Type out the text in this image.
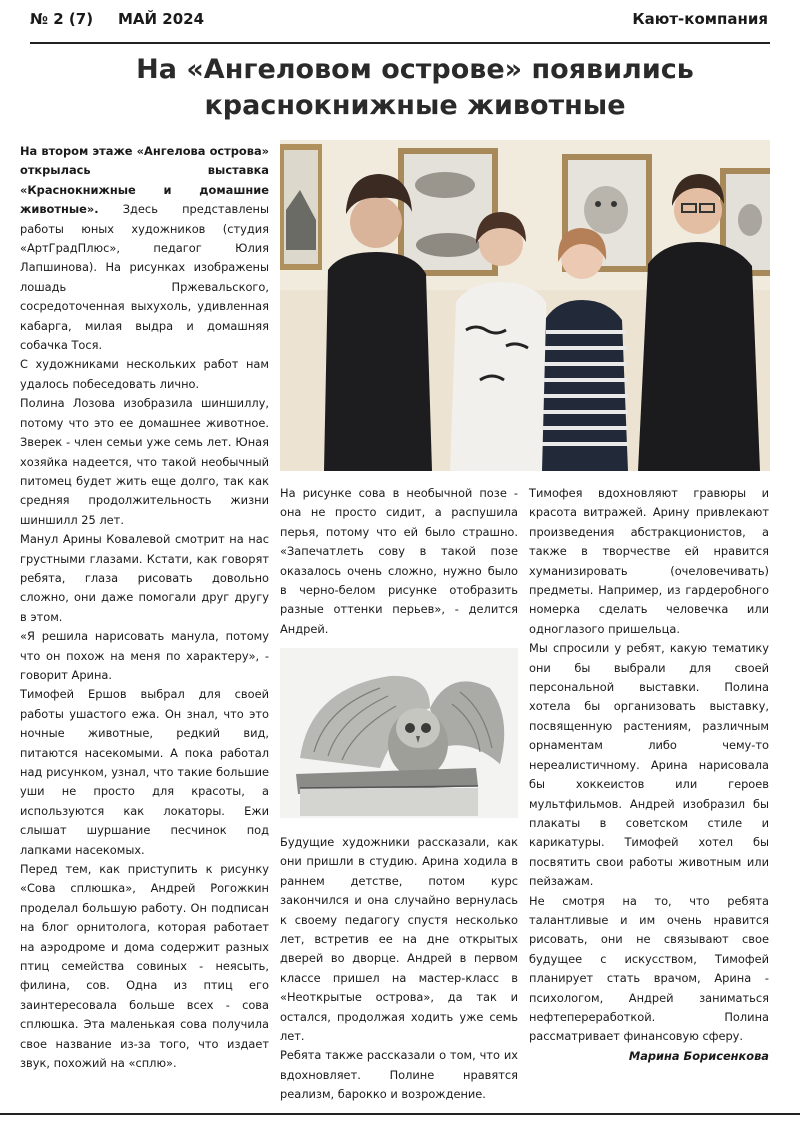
№ 2 (7) МАЙ 2024	Кают-компания
На «Ангеловом острове» появились краснокнижные животные

На втором этаже «Ангелова острова» открылась выставка «Краснокнижные и домашние животные». Здесь представлены работы юных художников (студия «АртГрадПлюс», педагог Юлия Лапшинова). На рисунках изображены лошадь Пржевальского, сосредоточенная выхухоль, удивленная кабарга, милая выдра и домашняя собачка Тося.

С художниками нескольких работ нам удалось побеседовать лично.

Полина Лозова изобразила шиншиллу, потому что это ее домашнее животное. Зверек - член семьи уже семь лет. Юная хозяйка надеется, что такой необычный питомец будет жить еще долго, так как средняя продолжительность жизни шиншилл 25 лет.

Манул Арины Ковалевой смотрит на нас грустными глазами. Кстати, как говорят ребята, глаза рисовать довольно сложно, они даже помогали друг другу в этом.

«Я решила нарисовать манула, потому что он похож на меня по характеру», - говорит Арина.

Тимофей Ершов выбрал для своей работы ушастого ежа. Он знал, что это ночные животные, редкий вид, питаются насекомыми. А пока работал над рисунком, узнал, что такие большие уши не просто для красоты, а используются как локаторы. Ежи слышат шуршание песчинок под лапками насекомых.

Перед тем, как приступить к рисунку «Сова сплюшка», Андрей Рогожкин проделал большую работу. Он подписан на блог орнитолога, которая работает на аэродроме и дома содержит разных птиц семейства совиных - неясыть, филина, сов. Одна из птиц его заинтересовала больше всех - сова сплюшка. Эта маленькая сова получила свое название из-за того, что издает звук, похожий на «сплю».

На рисунке сова в необычной позе - она не просто сидит, а распушила перья, потому что ей было страшно. «Запечатлеть сову в такой позе оказалось очень сложно, нужно было в черно-белом рисунке отобразить разные оттенки перьев», - делится Андрей.

Будущие художники рассказали, как они пришли в студию. Арина ходила в раннем детстве, потом курс закончился и она случайно вернулась к своему педагогу спустя несколько лет, встретив ее на дне открытых дверей во дворце. Андрей в первом классе пришел на мастер-класс в «Неоткрытые острова», да так и остался, продолжая ходить уже семь лет.

Ребята также рассказали о том, что их вдохновляет. Полине нравятся реализм, барокко и возрождение.

Тимофея вдохновляют гравюры и красота витражей. Арину привлекают произведения абстракционистов, а также в творчестве ей нравится хуманизировать (очеловечивать) предметы. Например, из гардеробного номерка сделать человечка или одноглазого пришельца.

Мы спросили у ребят, какую тематику они бы выбрали для своей персональной выставки. Полина хотела бы организовать выставку, посвященную растениям, различным орнаментам либо чему-то нереалистичному. Арина нарисовала бы хоккеистов или героев мультфильмов. Андрей изобразил бы плакаты в советском стиле и карикатуры. Тимофей хотел бы посвятить свои работы животным или пейзажам.

Не смотря на то, что ребята талантливые и им очень нравится рисовать, они не связывают свое будущее с искусством, Тимофей планирует стать врачом, Арина - психологом, Андрей заниматься нефтепереработкой. Полина рассматривает финансовую сферу.

Марина Борисенкова
